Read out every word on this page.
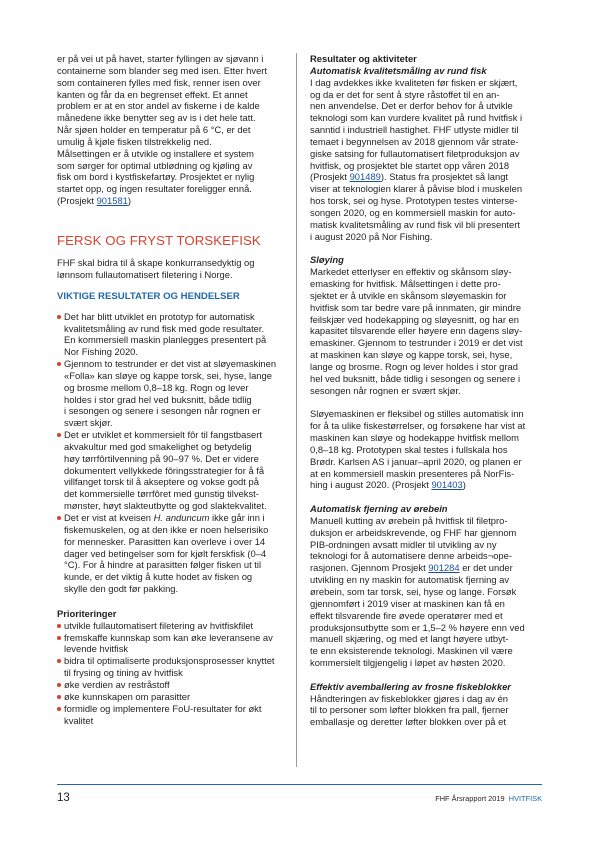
er på vei ut på havet, starter fyllingen av sjøvann i
containerne som blander seg med isen. Etter hvert
som containeren fylles med fisk, renner isen over
kanten og får da en begrenset effekt. Et annet
problem er at en stor andel av fiskerne i de kalde
månedene ikke benytter seg av is i det hele tatt.
Når sjøen holder en temperatur på 6 °C, er det
umulig å kjøle fisken tilstrekkelig ned.
Målsettingen er å utvikle og installere et system
som sørger for optimal utblødning og kjøling av
fisk om bord i kystfiskefartøy. Prosjektet er nylig
startet opp, og ingen resultater foreligger ennå.
(Prosjekt 901581)
FERSK OG FRYST TORSKEFISK
FHF skal bidra til å skape konkurransedyktig og
lønnsom fullautomatisert filetering i Norge.
VIKTIGE RESULTATER OG HENDELSER
Det har blitt utviklet en prototyp for automatisk
kvalitetsmåling av rund fisk med gode resultater.
En kommersiell maskin planlegges presentert på
Nor Fishing 2020.
Gjennom to testrunder er det vist at sløyemaskinen
«Folla» kan sløye og kappe torsk, sei, hyse, lange
og brosme mellom 0,8–18 kg. Rogn og lever
holdes i stor grad hel ved buksnitt, både tidlig
i sesongen og senere i sesongen når rognen er
svært skjør.
Det er utviklet et kommersielt fôr til fangstbasert
akvakultur med god smakelighet og betydelig
høy tørrfôrtilvenning på 90–97 %. Det er videre
dokumentert vellykkede fôringsstrategier for å få
villfanget torsk til å akseptere og vokse godt på
det kommersielle tørrfôret med gunstig tilvekst-
mønster, høyt slaktеutbytte og god slaktekvalitet.
Det er vist at kveisen H. anduncum ikke går inn i
fiskemuskelen, og at den ikke er noen helserisiko
for mennesker. Parasitten kan overleve i over 14
dager ved betingelser som for kjølt ferskfisk (0–4
°C). For å hindre at parasitten følger fisken ut til
kunde, er det viktig å kutte hodet av fisken og
skylle den godt før pakking.
Prioriteringer
utvikle fullautomatisert filetering av hvitfiskfilet
fremskaffe kunnskap som kan øke leveransene av
levende hvitfisk
bidra til optimaliserte produksjonsprosesser knyttet
til frysing og tining av hvitfisk
øke verdien av restråstoff
øke kunnskapen om parasitter
formidle og implementere FoU-resultater for økt
kvalitet
Resultater og aktiviteter
Automatisk kvalitetsmåling av rund fisk
I dag avdekkes ikke kvaliteten før fisken er skjært,
og da er det for sent å styre råstoffet til en an-
nen anvendelse. Det er derfor behov for å utvikle
teknologi som kan vurdere kvalitet på rund hvitfisk i
sanntid i industriell hastighet. FHF utlyste midler til
temaet i begynnelsen av 2018 gjennom vår strate-
giske satsing for fullautomatisert filetproduksjon av
hvitfisk, og prosjektet ble startet opp våren 2018
(Prosjekt 901489). Status fra prosjektet så langt
viser at teknologien klarer å påvise blod i muskelen
hos torsk, sei og hyse. Prototypen testes vinterse-
songen 2020, og en kommersiell maskin for auto-
matisk kvalitetsmåling av rund fisk vil bli presentert
i august 2020 på Nor Fishing.
Sløying
Markedet etterlyser en effektiv og skånsom sløy-
emasking for hvitfisk. Målsettingen i dette pro-
sjektet er å utvikle en skånsom sløyemaskin for
hvitfisk som tar bedre vare på innmaten, gir mindre
feilskjær ved hodekapping og sløyesnitt, og har en
kapasitet tilsvarende eller høyere enn dagens sløy-
emaskiner. Gjennom to testrunder i 2019 er det vist
at maskinen kan sløye og kappe torsk, sei, hyse,
lange og brosme. Rogn og lever holdes i stor grad
hel ved buksnitt, både tidlig i sesongen og senere i
sesongen når rognen er svært skjør.
Sløyemaskinen er fleksibel og stilles automatisk inn
for å ta ulike fiskestørrelser, og forsøkene har vist at
maskinen kan sløye og hodekappe hvitfisk mellom
0,8–18 kg. Prototypen skal testes i fullskala hos
Brødr. Karlsen AS i januar–april 2020, og planen er
at en kommersiell maskin presenteres på NorFis-
hing i august 2020. (Prosjekt 901403)
Automatisk fjerning av ørebein
Manuell kutting av ørebein på hvitfisk til filetpro-
duksjon er arbeidskrevende, og FHF har gjennom
PIB-ordningen avsatt midler til utvikling av ny
teknologi for å automatisere denne arbeids¬ope-
rasjonen. Gjennom Prosjekt 901284 er det under
utvikling en ny maskin for automatisk fjerning av
ørebein, som tar torsk, sei, hyse og lange. Forsøk
gjennomført i 2019 viser at maskinen kan få en
effekt tilsvarende fire øvede operatører med et
produksjonsutbytte som er 1,5–2 % høyere enn ved
manuell skjæring, og med et langt høyere utbyt-
te enn eksisterende teknologi. Maskinen vil være
kommersielt tilgjengelig i løpet av høsten 2020.
Effektiv avemballering av frosne fiskeblokker
Håndteringen av fiskeblokker gjøres i dag av én
til to personer som løfter blokken fra pall, fjerner
emballasje og deretter løfter blokken over på et
13	FHF Årsrapport 2019 HVITFISK
